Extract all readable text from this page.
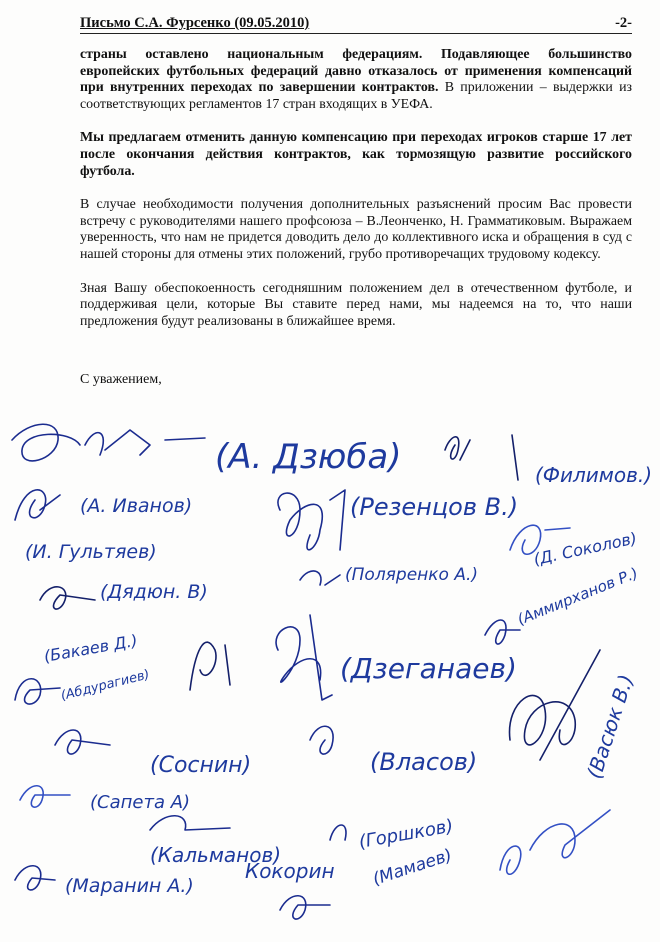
Письмо С.А. Фурсенко (09.05.2010)	-2-

страны оставлено национальным федерациям. Подавляющее большинство европейских футбольных федераций давно отказалось от применения компенсаций при внутренних переходах по завершении контрактов. В приложении – выдержки из соответствующих регламентов 17 стран входящих в УЕФА.

Мы предлагаем отменить данную компенсацию при переходах игроков старше 17 лет после окончания действия контрактов, как тормозящую развитие российского футбола.

В случае необходимости получения дополнительных разъяснений просим Вас провести встречу с руководителями нашего профсоюза – В.Леонченко, Н. Грамматиковым. Выражаем уверенность, что нам не придется доводить дело до коллективного иска и обращения в суд с нашей стороны для отмены этих положений, грубо противоречащих трудовому кодексу.

Зная Вашу обеспокоенность сегодняшним положением дел в отечественном футболе, и поддерживая цели, которые Вы ставите перед нами, мы надеемся на то, что наши предложения будут реализованы в ближайшее время.

С уважением,
(А. Дзюба)
(А. Иванов)
(Филимов.)
(Резенцов В.)
(И. Гультяев)	(Д. Соколов)
(Дядюн. В)
(Поляренко А.) (Аммирханов Р.)
(Бакаев Д.)
(Абдурагиев)	(Дзеганаев)
(Сапета А)
(Соснин)	(Власов)	(Васюк В.)
(Кальманов)
(Горшков)
(Маранин А.)
Кокорин (Мамаев)
